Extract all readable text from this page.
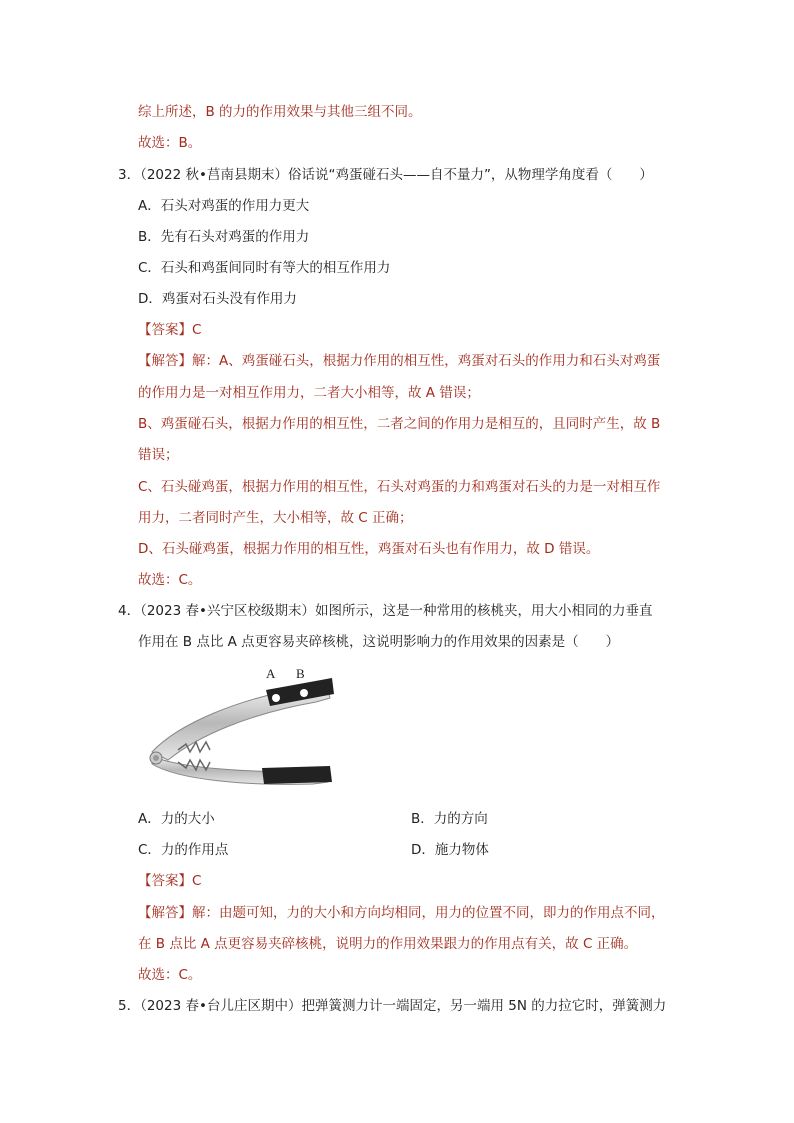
综上所述，B 的力的作用效果与其他三组不同。
故选：B。
3．（2022 秋•莒南县期末）俗话说“鸡蛋碰石头——自不量力”，从物理学角度看（　　）
A．石头对鸡蛋的作用力更大
B．先有石头对鸡蛋的作用力
C．石头和鸡蛋间同时有等大的相互作用力
D．鸡蛋对石头没有作用力
【答案】C
【解答】解：A、鸡蛋碰石头，根据力作用的相互性，鸡蛋对石头的作用力和石头对鸡蛋
的作用力是一对相互作用力，二者大小相等，故 A 错误；
B、鸡蛋碰石头，根据力作用的相互性，二者之间的作用力是相互的，且同时产生，故 B
错误；
C、石头碰鸡蛋，根据力作用的相互性，石头对鸡蛋的力和鸡蛋对石头的力是一对相互作
用力，二者同时产生，大小相等，故 C 正确；
D、石头碰鸡蛋，根据力作用的相互性，鸡蛋对石头也有作用力，故 D 错误。
故选：C。
4．（2023 春•兴宁区校级期末）如图所示，这是一种常用的核桃夹，用大小相同的力垂直
作用在 B 点比 A 点更容易夹碎核桃，这说明影响力的作用效果的因素是（　　）
A B
A．力的大小	B．力的方向
C．力的作用点	D．施力物体
【答案】C
【解答】解：由题可知，力的大小和方向均相同，用力的位置不同，即力的作用点不同，
在 B 点比 A 点更容易夹碎核桃，说明力的作用效果跟力的作用点有关，故 C 正确。
故选：C。
5．（2023 春•台儿庄区期中）把弹簧测力计一端固定，另一端用 5N 的力拉它时，弹簧测力
